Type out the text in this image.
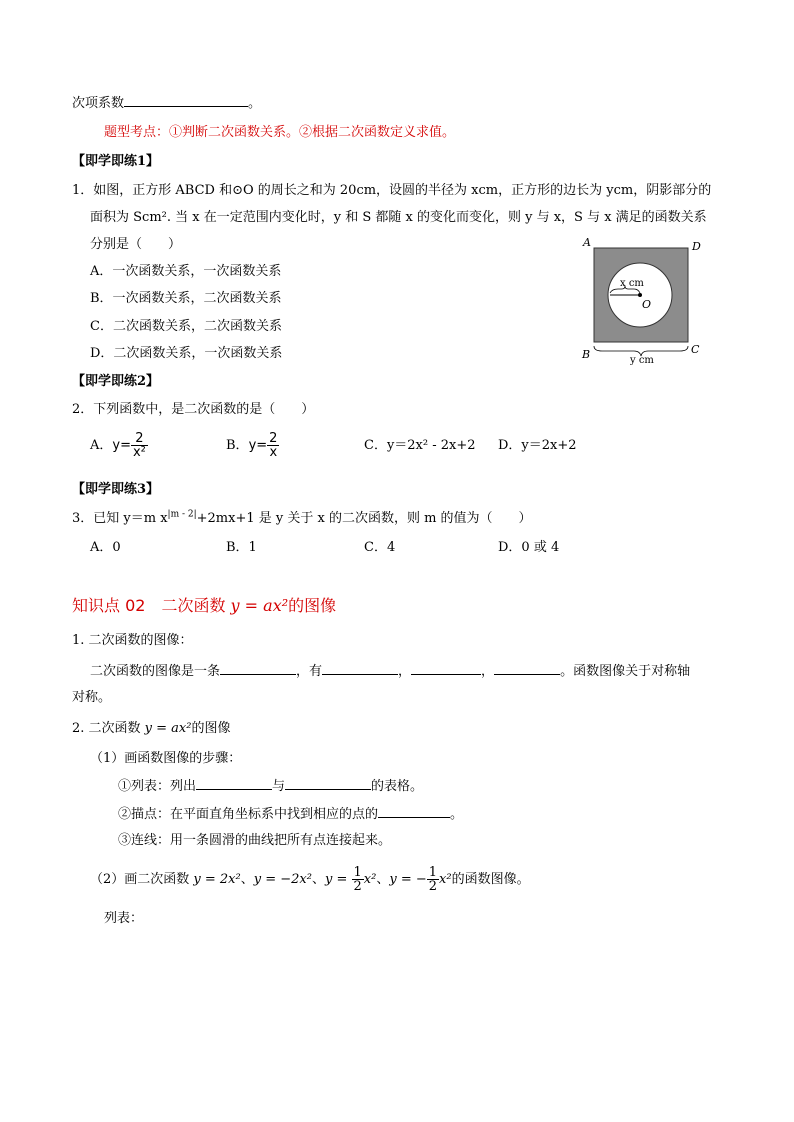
次项系数	。
题型考点：①判断二次函数关系。②根据二次函数定义求值。
【即学即练1】
1．如图，正方形 ABCD 和⊙O 的周长之和为 20cm，设圆的半径为 xcm，正方形的边长为 ycm，阴影部分的
面积为 Scm². 当 x 在一定范围内变化时，y 和 S 都随 x 的变化而变化，则 y 与 x，S 与 x 满足的函数关系
分别是（　　）
A．一次函数关系，一次函数关系
B．一次函数关系，二次函数关系
C．二次函数关系，二次函数关系
D．二次函数关系，一次函数关系
A	D
B	C
O
x cm
y cm
【即学即练2】
2．下列函数中，是二次函数的是（　　）
A．$y= \frac{2}{\text{x²}}$	B．$y= \frac{2}{x}$	C．y＝2x² - 2x+2 D．y＝2x+2
【即学即练3】
3．已知 y＝m $x^{|m - 2|}+2mx+1$ 是 y 关于 x 的二次函数，则 m 的值为（　　）
A．0	B．1	C．4	D．0 或 4
知识点 02　二次函数 y = ax²的图像
1. 二次函数的图像：
二次函数的图像是一条	，有	，	，	。函数图像关于对称轴
对称。
2. 二次函数 y = ax²的图像
（1）画函数图像的步骤：
①列表：列出	与	的表格。
②描点：在平面直角坐标系中找到相应的点的	。
③连线：用一条圆滑的曲线把所有点连接起来。
（2）画二次函数 y = 2x²、y = −2x²、$y = \frac{1}{2} x^2$、y = − $\frac{1}{2} x^2$的函数图像。
列表：
